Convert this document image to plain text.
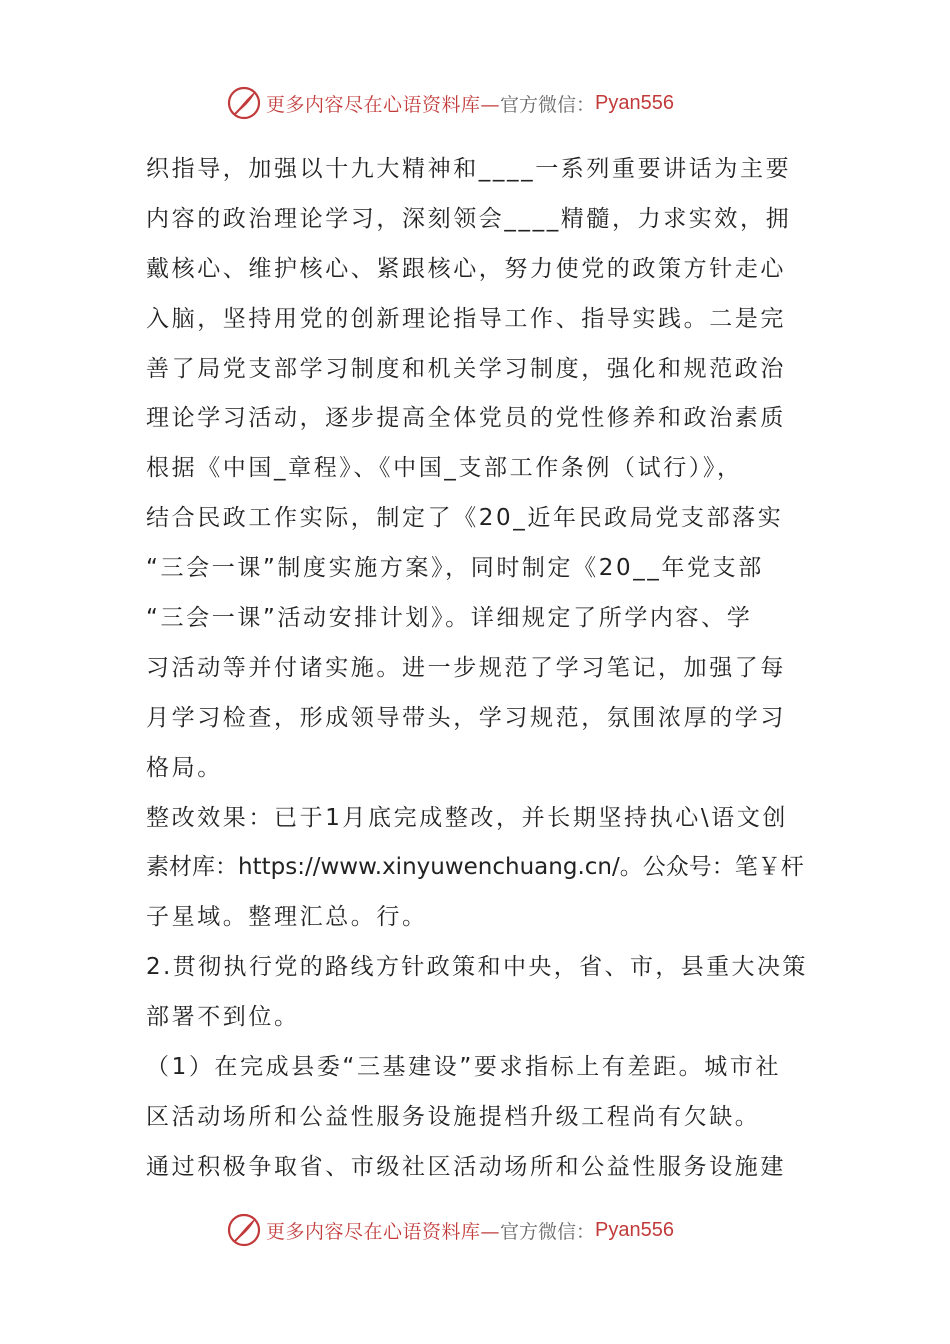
更多内容尽在心语资料库— 官方微信： Pyan556
织指导，加强以十九大精神和____一系列重要讲话为主要
内容的政治理论学习，深刻领会____精髓，力求实效，拥
戴核心、维护核心、紧跟核心，努力使党的政策方针走心
入脑，坚持用党的创新理论指导工作、指导实践。二是完
善了局党支部学习制度和机关学习制度，强化和规范政治
理论学习活动，逐步提高全体党员的党性修养和政治素质
根据《中国_章程》、《中国_支部工作条例（试行）》，
结合民政工作实际，制定了《20_近年民政局党支部落实
“三会一课”制度实施方案》，同时制定《20__年党支部
“三会一课”活动安排计划》。详细规定了所学内容、学
习活动等并付诸实施。进一步规范了学习笔记，加强了每
月学习检查，形成领导带头，学习规范，氛围浓厚的学习
格局。
整改效果：已于1月底完成整改，并长期坚持执心\语文创
素材库：https://www.xinyuwenchuang.cn/。公众号：笔￥杆
子星域。整理汇总。行。
2.贯彻执行党的路线方针政策和中央，省、市，县重大决策
部署不到位。
（1）在完成县委“三基建设”要求指标上有差距。城市社
区活动场所和公益性服务设施提档升级工程尚有欠缺。
通过积极争取省、市级社区活动场所和公益性服务设施建
更多内容尽在心语资料库— 官方微信： Pyan556
